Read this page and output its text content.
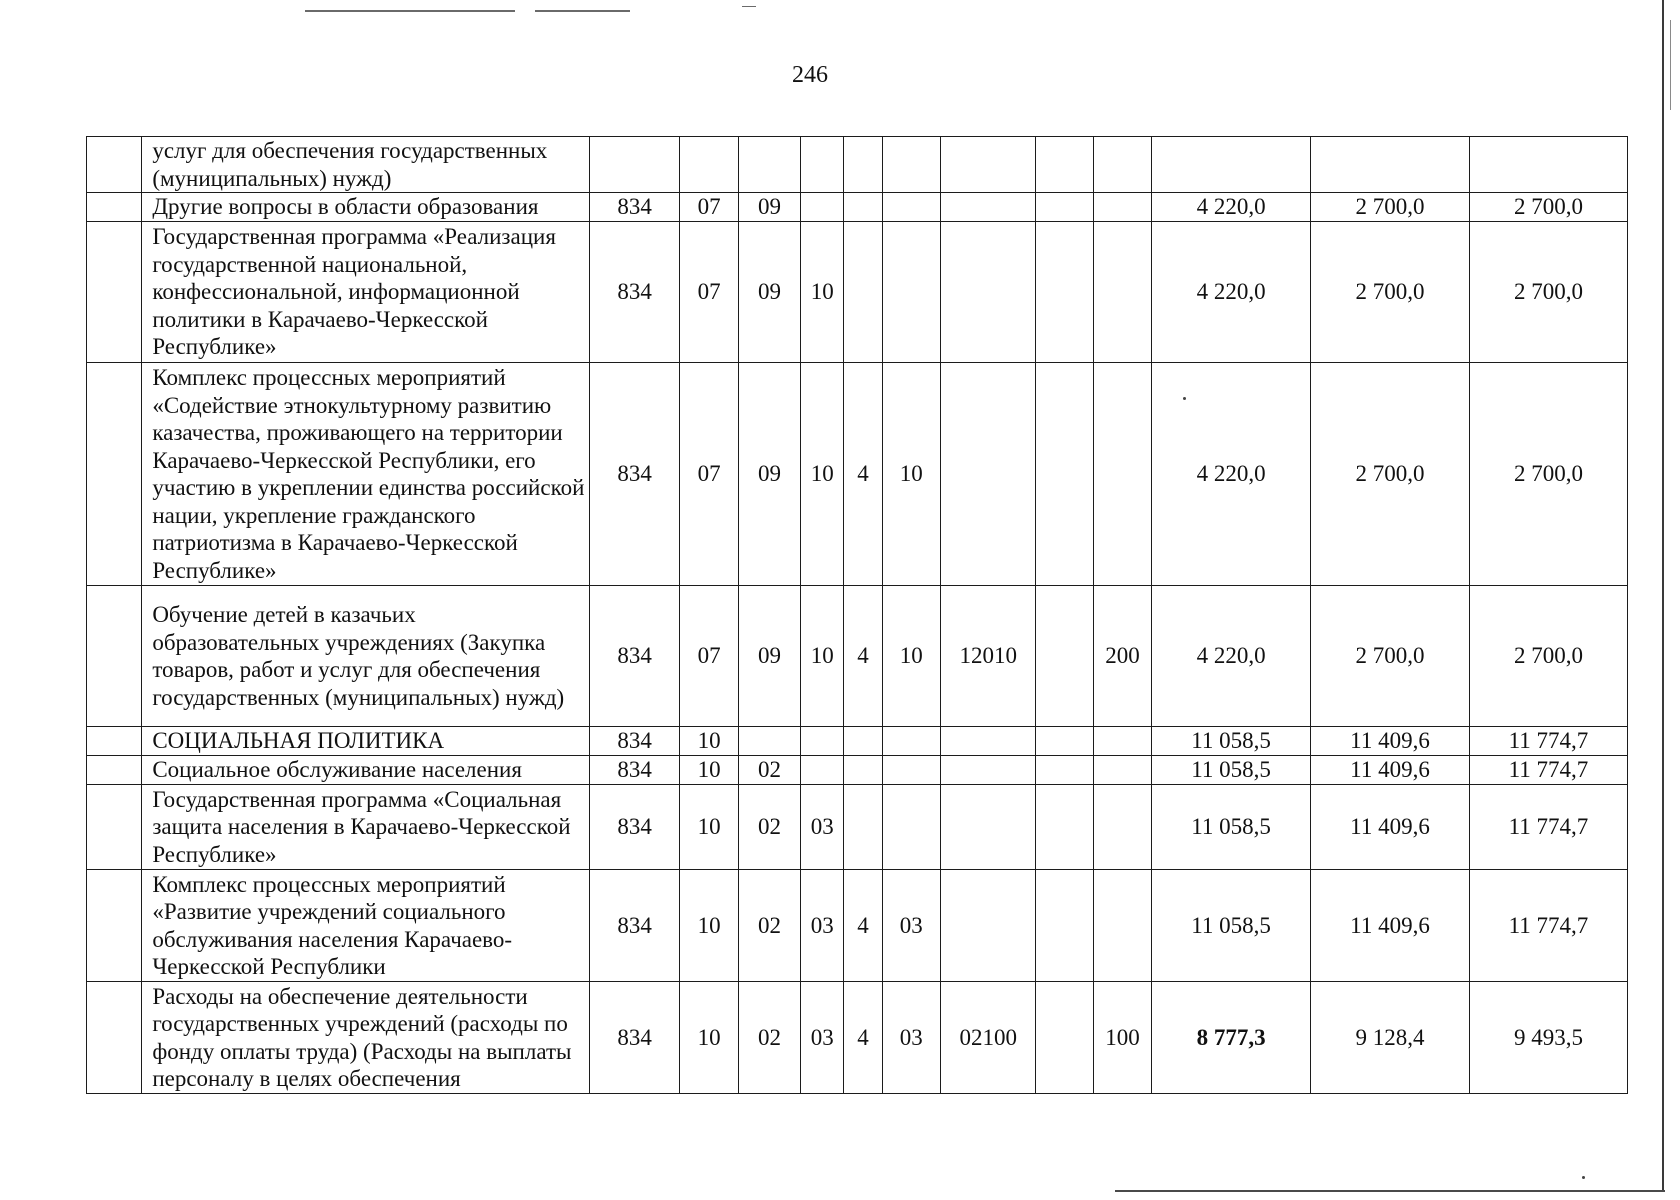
246
	услуг для обеспечения государственных (муниципальных) нужд)												
	Другие вопросы в области образования	834	07	09							4 220,0	2 700,0	2 700,0
	Государственная программа «Реализация государственной национальной, конфессиональной, информационной политики в Карачаево-Черкесской Республике»	834	07	09	10						4 220,0	2 700,0	2 700,0
	Комплекс процессных мероприятий «Содействие этнокультурному развитию казачества, проживающего на территории Карачаево-Черкесской Республики, его участию в укреплении единства российской нации, укрепление гражданского патриотизма в Карачаево-Черкесской Республике»	834	07	09	10	4	10				4 220,0	2 700,0	2 700,0
	Обучение детей в казачьих образовательных учреждениях (Закупка товаров, работ и услуг для обеспечения государственных (муниципальных) нужд)	834	07	09	10	4	10	12010		200	4 220,0	2 700,0	2 700,0
	СОЦИАЛЬНАЯ ПОЛИТИКА	834	10								11 058,5	11 409,6	11 774,7
	Социальное обслуживание населения	834	10	02							11 058,5	11 409,6	11 774,7
	Государственная программа «Социальная защита населения в Карачаево-Черкесской Республике»	834	10	02	03						11 058,5	11 409,6	11 774,7
	Комплекс процессных мероприятий «Развитие учреждений социального обслуживания населения Карачаево-Черкесской Республики	834	10	02	03	4	03				11 058,5	11 409,6	11 774,7
	Расходы на обеспечение деятельности государственных учреждений (расходы по фонду оплаты труда) (Расходы на выплаты персоналу в целях обеспечения	834	10	02	03	4	03	02100		100	8 777,3	9 128,4	9 493,5
